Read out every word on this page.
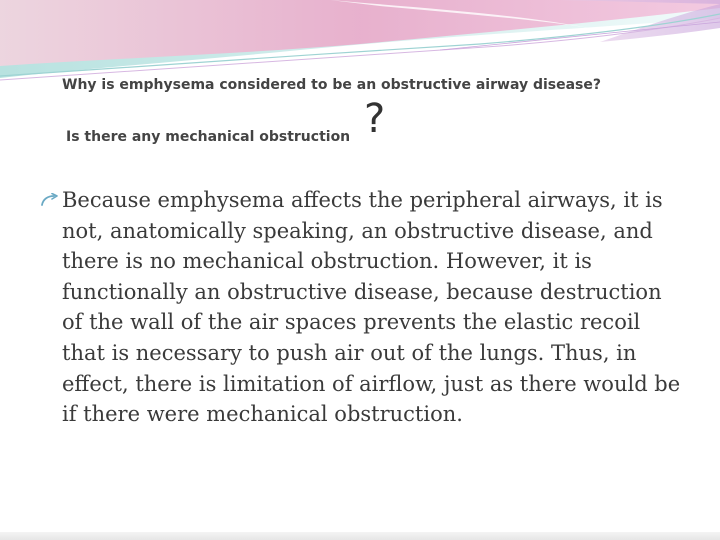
Why is emphysema considered to be an obstructive airway disease?
Is there any mechanical obstruction ?

Because emphysema affects the peripheral airways, it is not, anatomically speaking, an obstructive disease, and there is no mechanical obstruction. However, it is functionally an obstructive disease, because destruction of the wall of the air spaces prevents the elastic recoil that is necessary to push air out of the lungs. Thus, in effect, there is limitation of airflow, just as there would be if there were mechanical obstruction.
